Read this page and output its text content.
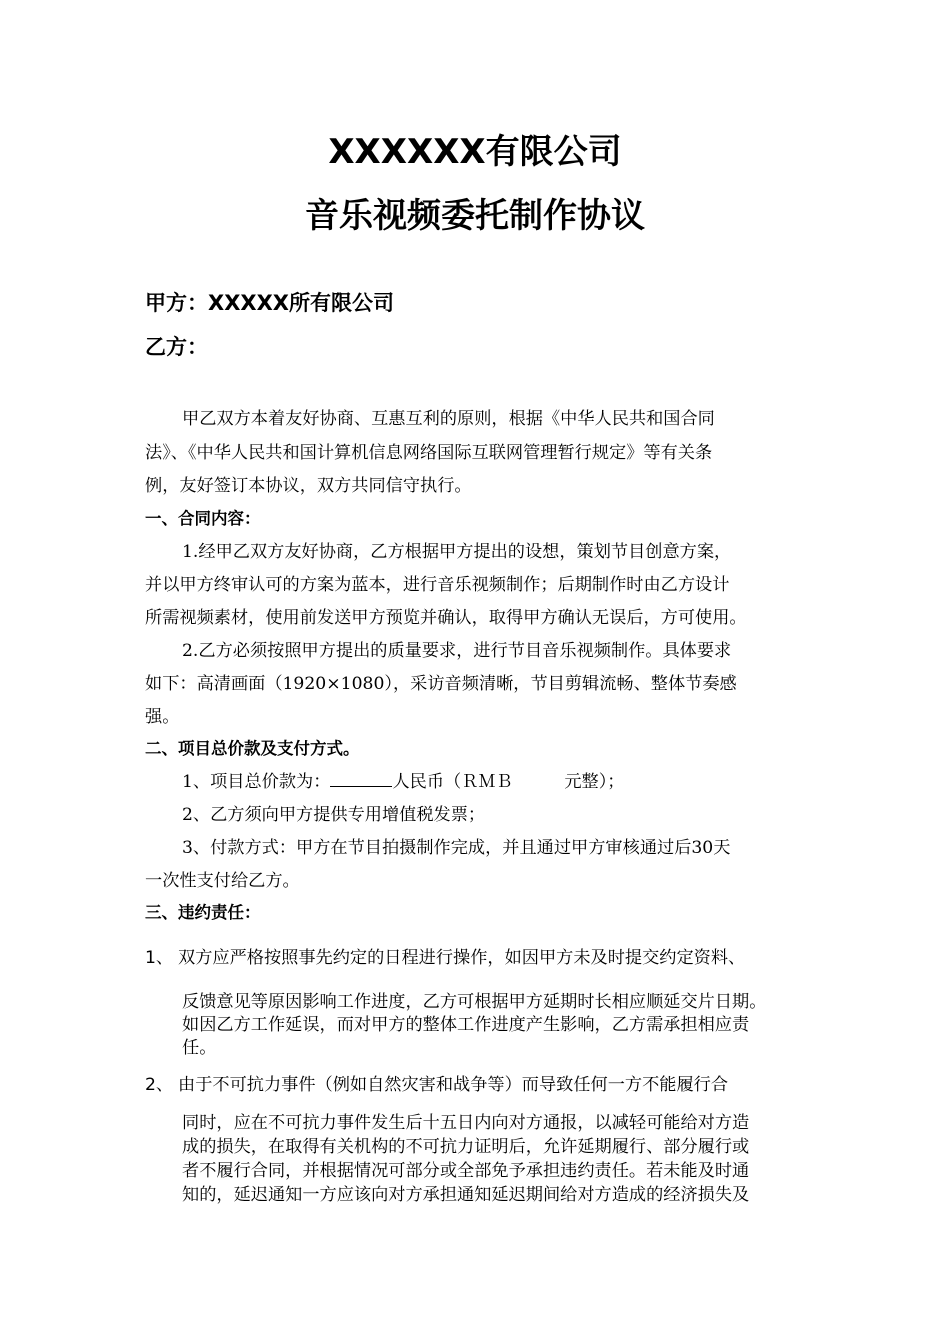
XXXXXX有限公司
音乐视频委托制作协议
甲方：XXXXX所有限公司
乙方：
甲乙双方本着友好协商、互惠互利的原则，根据《中华人民共和国合同
法》、《中华人民共和国计算机信息网络国际互联网管理暂行规定》等有关条
例，友好签订本协议，双方共同信守执行。
一、合同内容：
1.经甲乙双方友好协商，乙方根据甲方提出的设想，策划节目创意方案，
并以甲方终审认可的方案为蓝本，进行音乐视频制作；后期制作时由乙方设计
所需视频素材，使用前发送甲方预览并确认，取得甲方确认无误后，方可使用。
2.乙方必须按照甲方提出的质量要求，进行节目音乐视频制作。具体要求
如下：高清画面（1920×1080），采访音频清晰，节目剪辑流畅、整体节奏感
强。
二、项目总价款及支付方式。
1、项目总价款为：	人民币（ＲＭＢ　　　元整）；
2、乙方须向甲方提供专用增值税发票；
3、付款方式：甲方在节目拍摄制作完成，并且通过甲方审核通过后30天
一次性支付给乙方。
三、违约责任：
1、 双方应严格按照事先约定的日程进行操作，如因甲方未及时提交约定资料、
反馈意见等原因影响工作进度，乙方可根据甲方延期时长相应顺延交片日期。
如因乙方工作延误，而对甲方的整体工作进度产生影响，乙方需承担相应责
任。
2、 由于不可抗力事件（例如自然灾害和战争等）而导致任何一方不能履行合
同时，应在不可抗力事件发生后十五日内向对方通报，以减轻可能给对方造
成的损失，在取得有关机构的不可抗力证明后，允许延期履行、部分履行或
者不履行合同，并根据情况可部分或全部免予承担违约责任。若未能及时通
知的，延迟通知一方应该向对方承担通知延迟期间给对方造成的经济损失及
